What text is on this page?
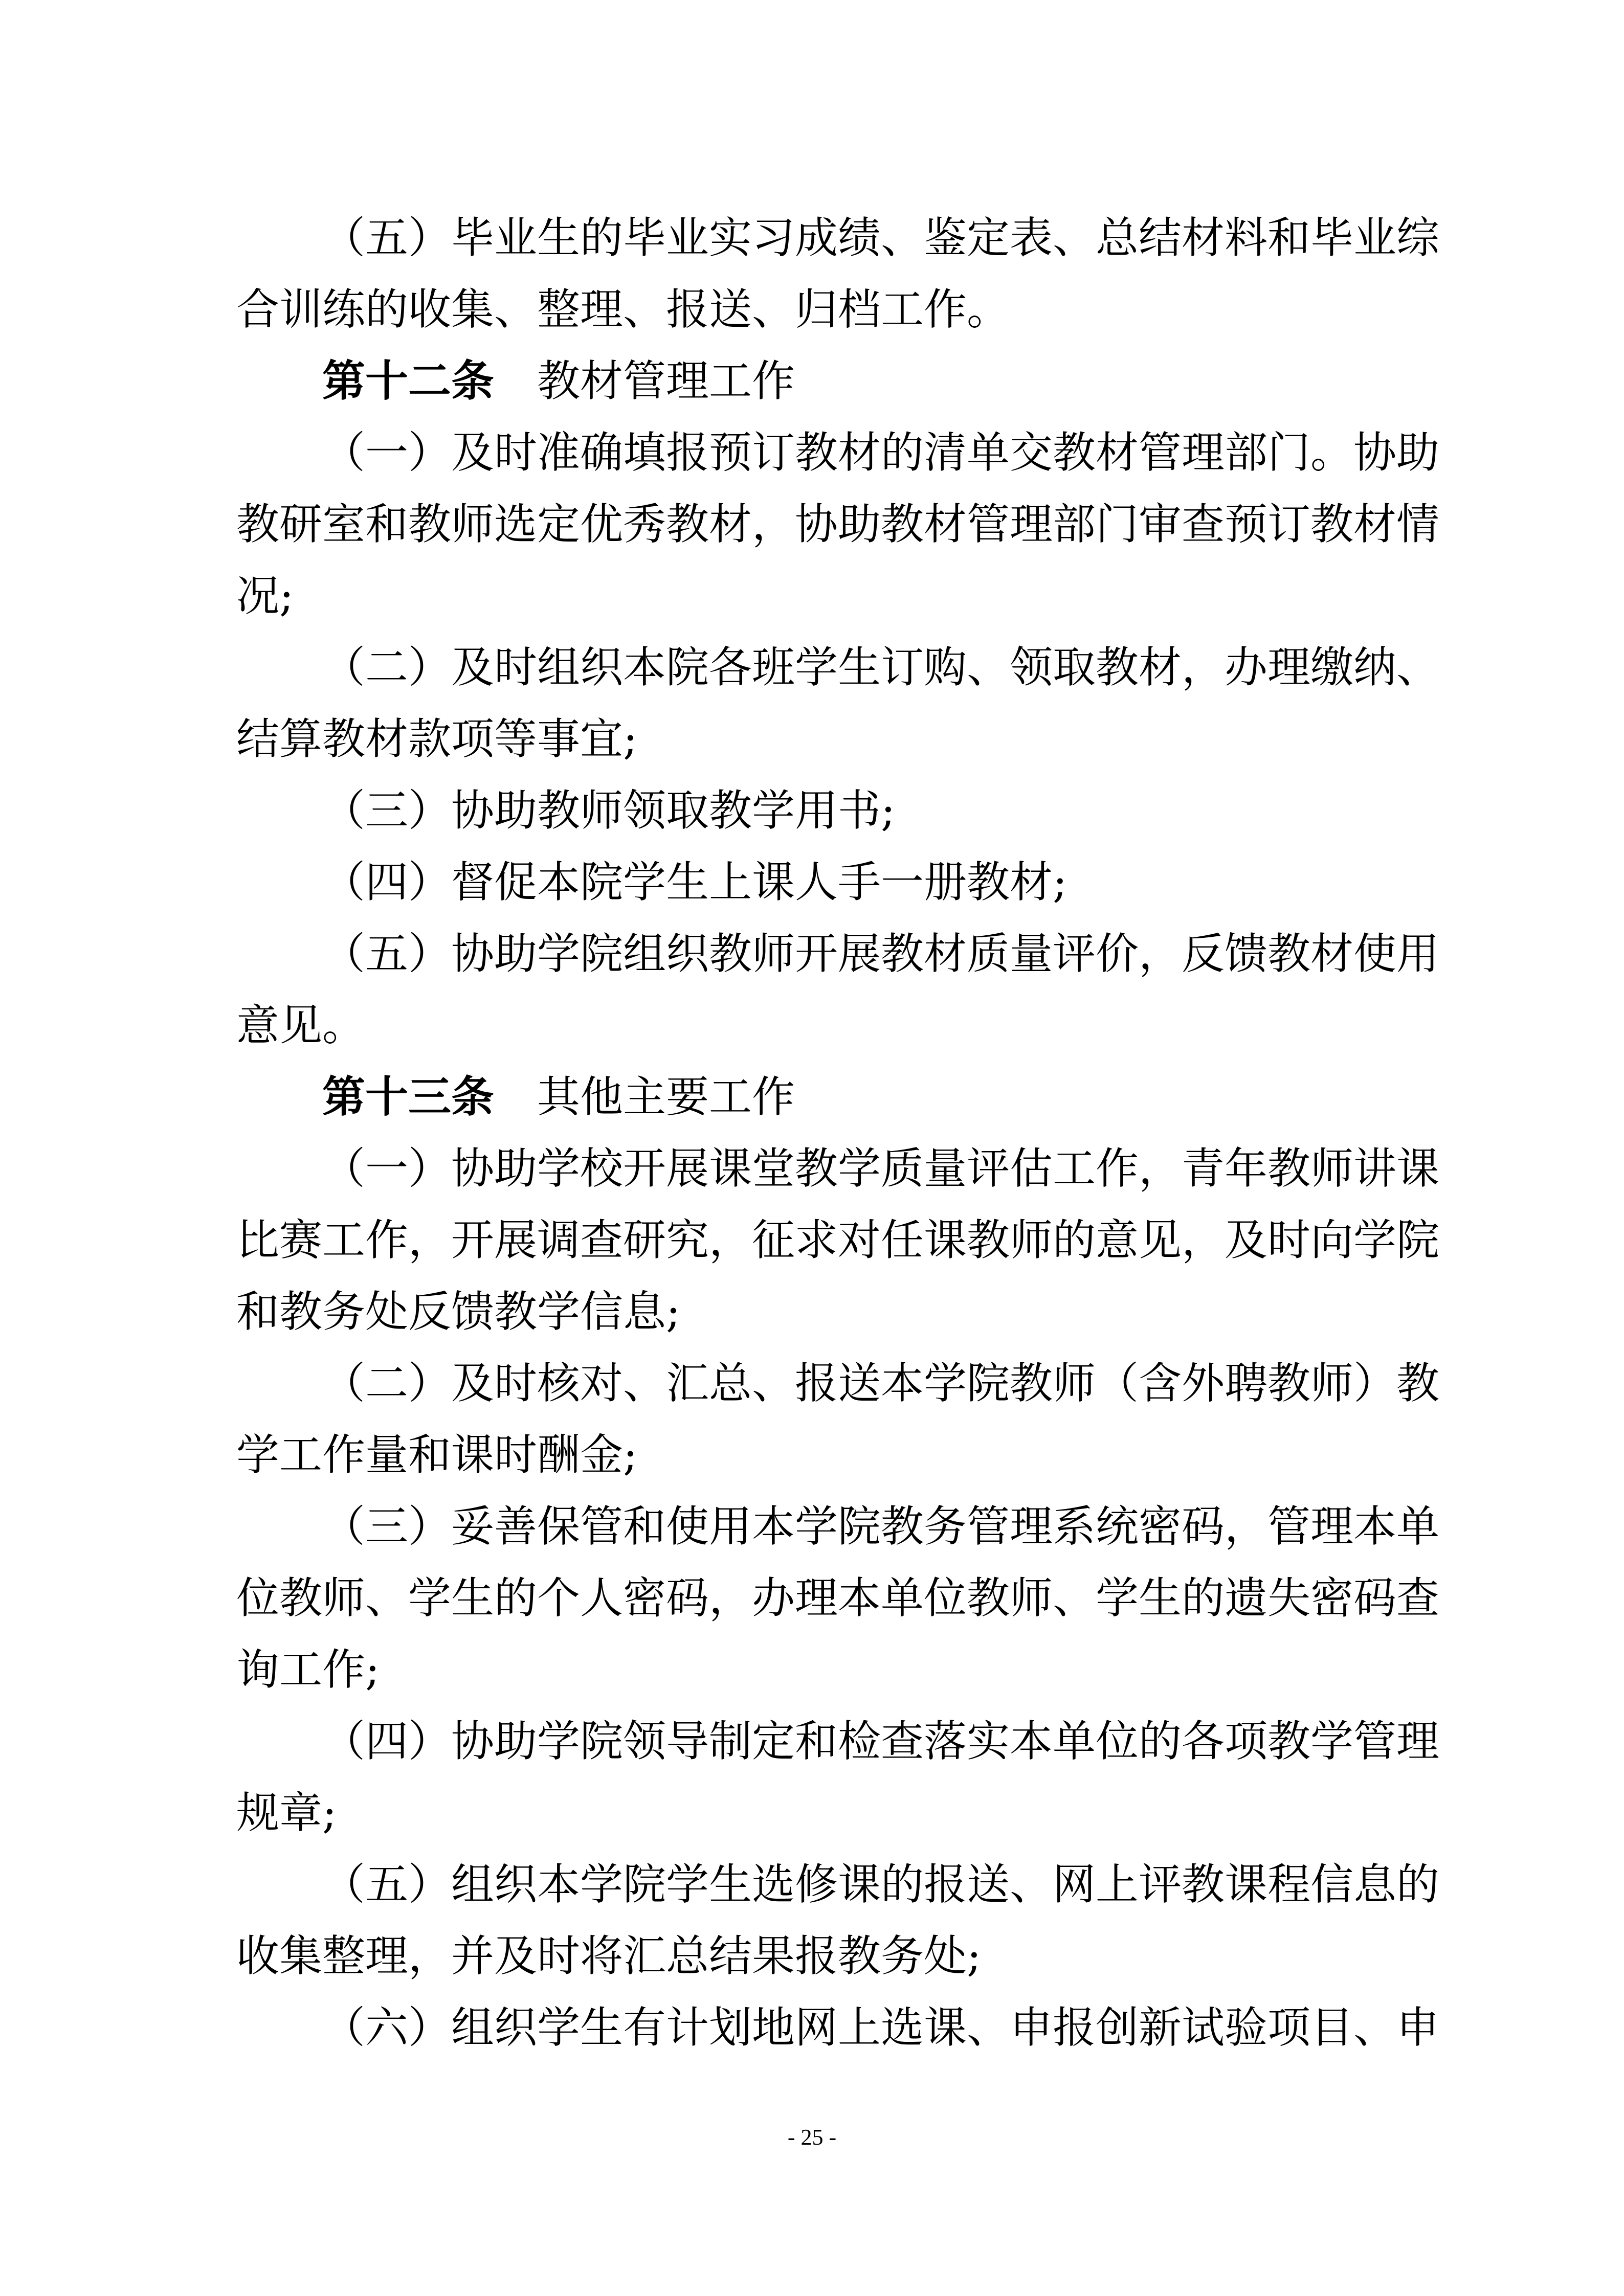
（五）毕业生的毕业实习成绩、鉴定表、总结材料和毕业综
合训练的收集、整理、报送、归档工作。
第十二条 教材管理工作
（一）及时准确填报预订教材的清单交教材管理部门。协助
教研室和教师选定优秀教材，协助教材管理部门审查预订教材情
况;
（二）及时组织本院各班学生订购、领取教材，办理缴纳、
结算教材款项等事宜;
（三）协助教师领取教学用书;
（四）督促本院学生上课人手一册教材;
（五）协助学院组织教师开展教材质量评价，反馈教材使用
意见。
第十三条 其他主要工作
（一）协助学校开展课堂教学质量评估工作，青年教师讲课
比赛工作，开展调查研究，征求对任课教师的意见，及时向学院
和教务处反馈教学信息;
（二）及时核对、汇总、报送本学院教师（含外聘教师）教
学工作量和课时酬金;
（三）妥善保管和使用本学院教务管理系统密码，管理本单
位教师、学生的个人密码，办理本单位教师、学生的遗失密码查
询工作;
（四）协助学院领导制定和检查落实本单位的各项教学管理
规章;
（五）组织本学院学生选修课的报送、网上评教课程信息的
收集整理，并及时将汇总结果报教务处;
（六）组织学生有计划地网上选课、申报创新试验项目、申
- 25 -
